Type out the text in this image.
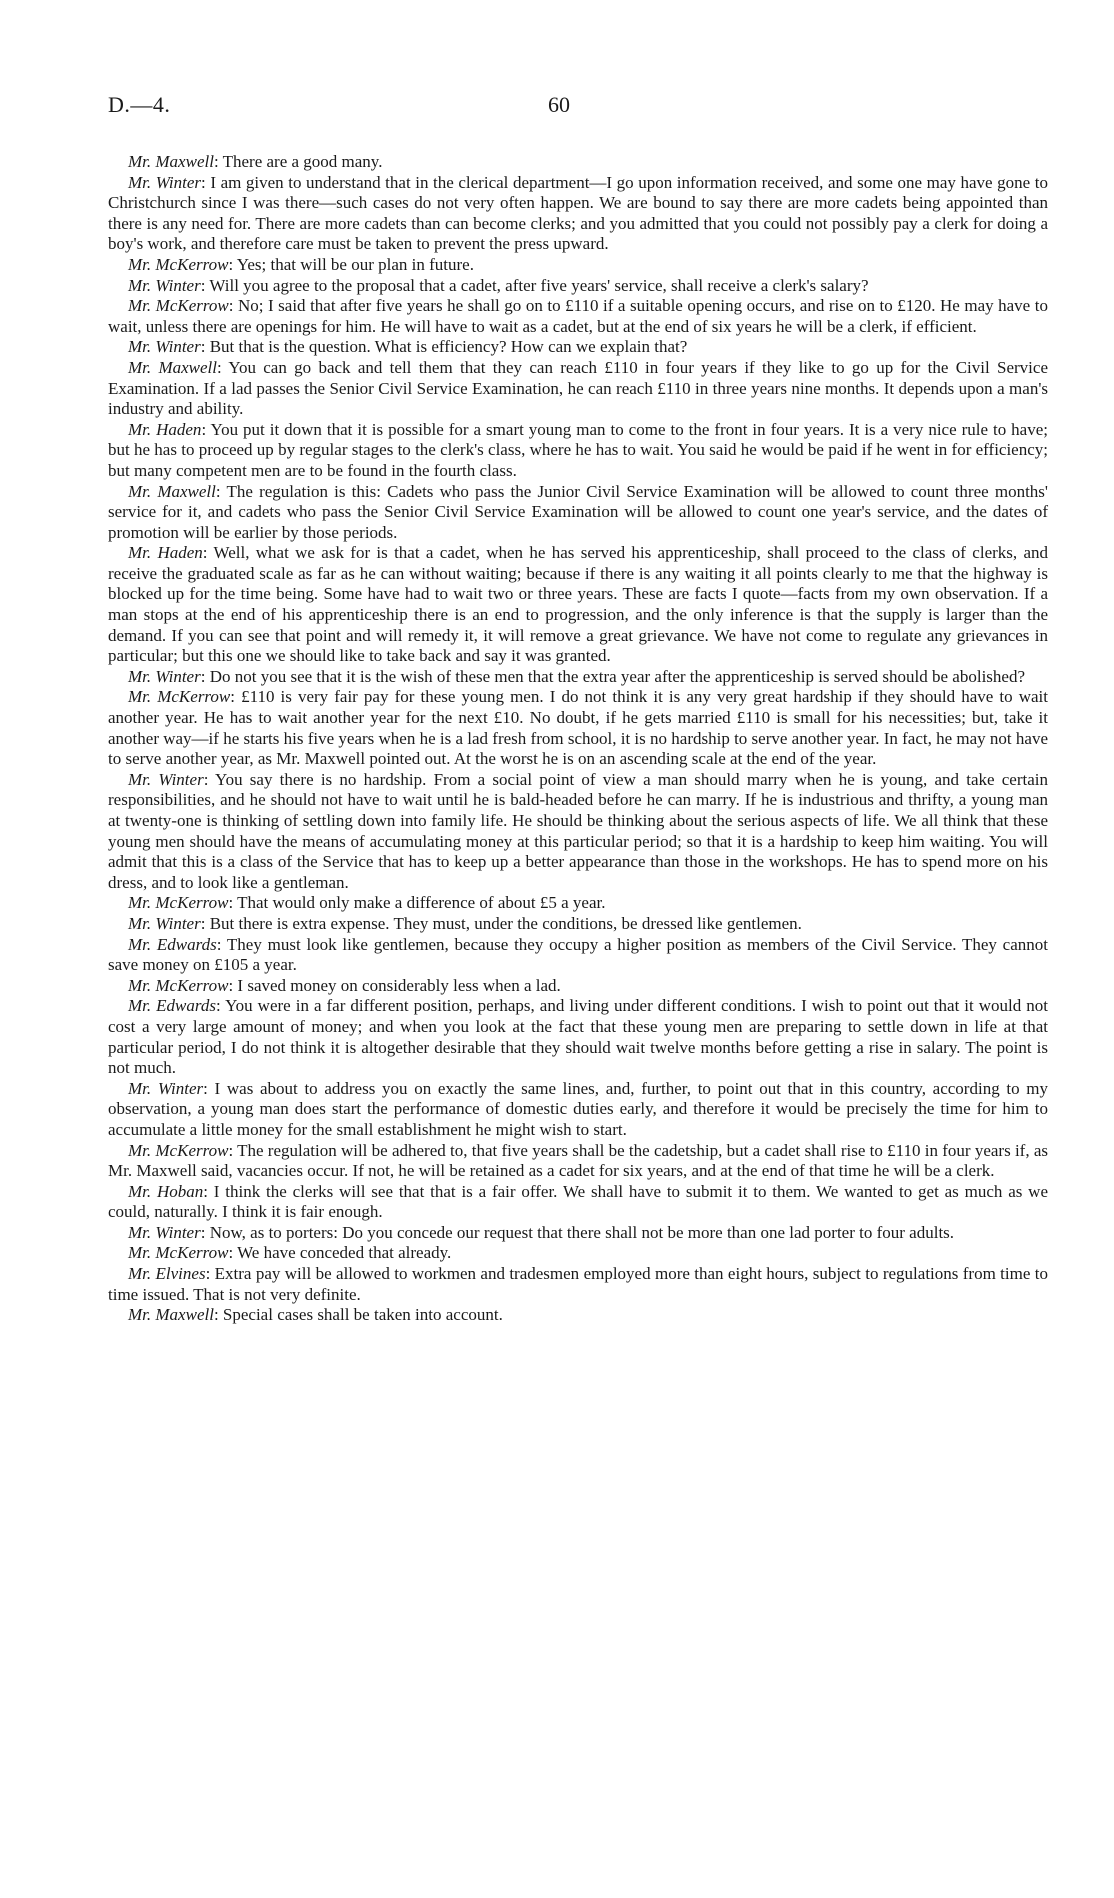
D.—4.	60

Mr. Maxwell: There are a good many.

Mr. Winter: I am given to understand that in the clerical department—I go upon information received, and some one may have gone to Christchurch since I was there—such cases do not very often happen. We are bound to say there are more cadets being appointed than there is any need for. There are more cadets than can become clerks; and you admitted that you could not possibly pay a clerk for doing a boy's work, and therefore care must be taken to prevent the press upward.

Mr. McKerrow: Yes; that will be our plan in future.

Mr. Winter: Will you agree to the proposal that a cadet, after five years' service, shall receive a clerk's salary?

Mr. McKerrow: No; I said that after five years he shall go on to £110 if a suitable opening occurs, and rise on to £120. He may have to wait, unless there are openings for him. He will have to wait as a cadet, but at the end of six years he will be a clerk, if efficient.

Mr. Winter: But that is the question. What is efficiency? How can we explain that?

Mr. Maxwell: You can go back and tell them that they can reach £110 in four years if they like to go up for the Civil Service Examination. If a lad passes the Senior Civil Service Examination, he can reach £110 in three years nine months. It depends upon a man's industry and ability.

Mr. Haden: You put it down that it is possible for a smart young man to come to the front in four years. It is a very nice rule to have; but he has to proceed up by regular stages to the clerk's class, where he has to wait. You said he would be paid if he went in for efficiency; but many competent men are to be found in the fourth class.

Mr. Maxwell: The regulation is this: Cadets who pass the Junior Civil Service Examination will be allowed to count three months' service for it, and cadets who pass the Senior Civil Service Examination will be allowed to count one year's service, and the dates of promotion will be earlier by those periods.

Mr. Haden: Well, what we ask for is that a cadet, when he has served his apprenticeship, shall proceed to the class of clerks, and receive the graduated scale as far as he can without waiting; because if there is any waiting it all points clearly to me that the highway is blocked up for the time being. Some have had to wait two or three years. These are facts I quote—facts from my own observation. If a man stops at the end of his apprenticeship there is an end to progression, and the only inference is that the supply is larger than the demand. If you can see that point and will remedy it, it will remove a great grievance. We have not come to regulate any grievances in particular; but this one we should like to take back and say it was granted.

Mr. Winter: Do not you see that it is the wish of these men that the extra year after the apprenticeship is served should be abolished?

Mr. McKerrow: £110 is very fair pay for these young men. I do not think it is any very great hardship if they should have to wait another year. He has to wait another year for the next £10. No doubt, if he gets married £110 is small for his necessities; but, take it another way—if he starts his five years when he is a lad fresh from school, it is no hardship to serve another year. In fact, he may not have to serve another year, as Mr. Maxwell pointed out. At the worst he is on an ascending scale at the end of the year.

Mr. Winter: You say there is no hardship. From a social point of view a man should marry when he is young, and take certain responsibilities, and he should not have to wait until he is bald-headed before he can marry. If he is industrious and thrifty, a young man at twenty-one is thinking of settling down into family life. He should be thinking about the serious aspects of life. We all think that these young men should have the means of accumulating money at this particular period; so that it is a hardship to keep him waiting. You will admit that this is a class of the Service that has to keep up a better appearance than those in the workshops. He has to spend more on his dress, and to look like a gentleman.

Mr. McKerrow: That would only make a difference of about £5 a year.

Mr. Winter: But there is extra expense. They must, under the conditions, be dressed like gentlemen.

Mr. Edwards: They must look like gentlemen, because they occupy a higher position as members of the Civil Service. They cannot save money on £105 a year.

Mr. McKerrow: I saved money on considerably less when a lad.

Mr. Edwards: You were in a far different position, perhaps, and living under different conditions. I wish to point out that it would not cost a very large amount of money; and when you look at the fact that these young men are preparing to settle down in life at that particular period, I do not think it is altogether desirable that they should wait twelve months before getting a rise in salary. The point is not much.

Mr. Winter: I was about to address you on exactly the same lines, and, further, to point out that in this country, according to my observation, a young man does start the performance of domestic duties early, and therefore it would be precisely the time for him to accumulate a little money for the small establishment he might wish to start.

Mr. McKerrow: The regulation will be adhered to, that five years shall be the cadetship, but a cadet shall rise to £110 in four years if, as Mr. Maxwell said, vacancies occur. If not, he will be retained as a cadet for six years, and at the end of that time he will be a clerk.

Mr. Hoban: I think the clerks will see that that is a fair offer. We shall have to submit it to them. We wanted to get as much as we could, naturally. I think it is fair enough.

Mr. Winter: Now, as to porters: Do you concede our request that there shall not be more than one lad porter to four adults.

Mr. McKerrow: We have conceded that already.

Mr. Elvines: Extra pay will be allowed to workmen and tradesmen employed more than eight hours, subject to regulations from time to time issued. That is not very definite.

Mr. Maxwell: Special cases shall be taken into account.
